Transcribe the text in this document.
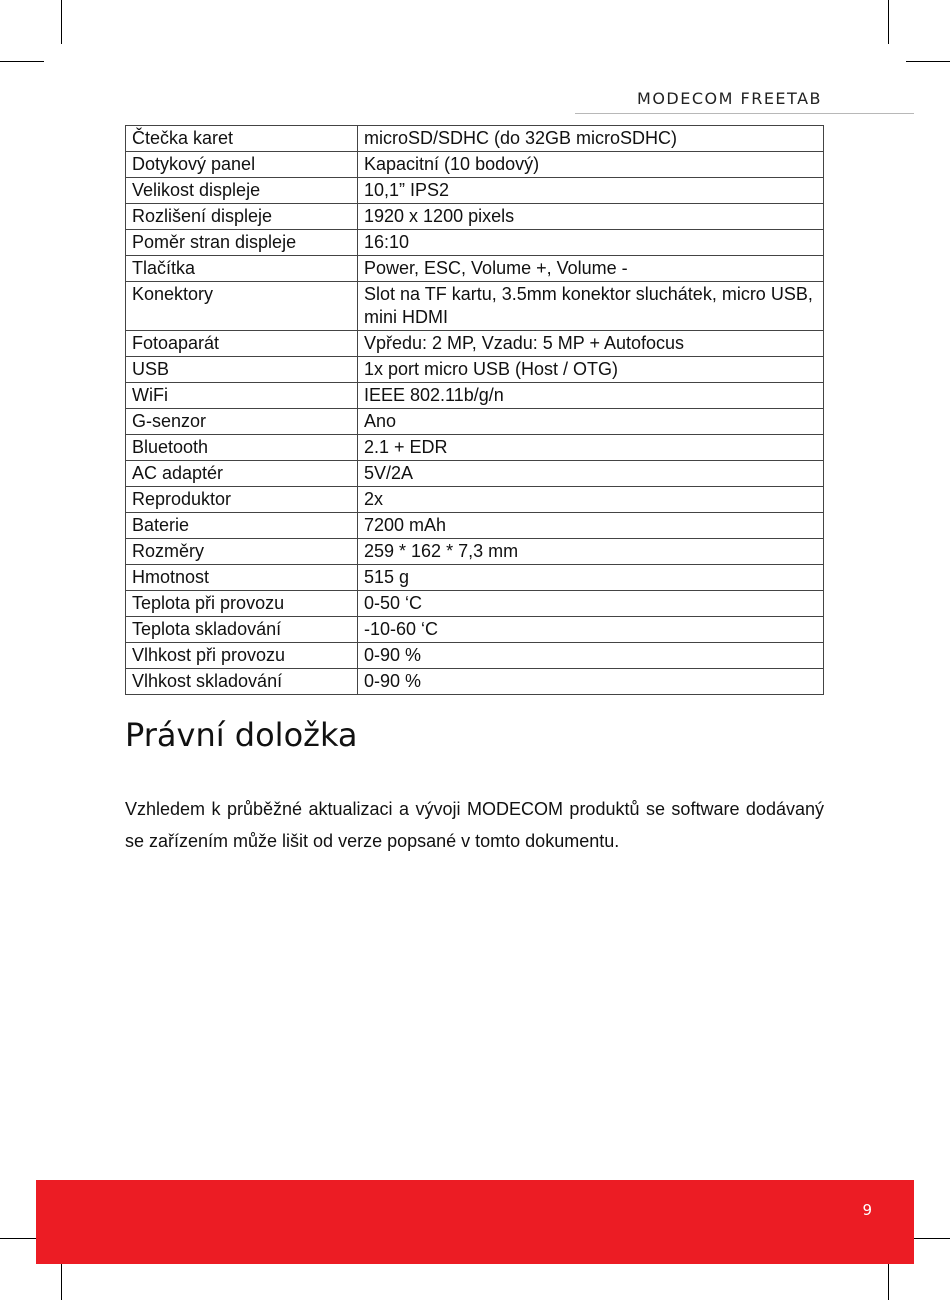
MODECOM FREETAB
Čtečka karet	microSD/SDHC (do 32GB microSDHC)
Dotykový panel	Kapacitní (10 bodový)
Velikost displeje	10,1” IPS2
Rozlišení displeje	1920 x 1200 pixels
Poměr stran displeje	16:10
Tlačítka	Power, ESC, Volume +, Volume -
Konektory	Slot na TF kartu, 3.5mm konektor sluchátek, micro USB, mini HDMI
Fotoaparát	Vpředu: 2 MP, Vzadu: 5 MP + Autofocus
USB	1x port micro USB (Host / OTG)
WiFi	IEEE 802.11b/g/n
G-senzor	Ano
Bluetooth	2.1 + EDR
AC adaptér	5V/2A
Reproduktor	2x
Baterie	7200 mAh
Rozměry	259 * 162 * 7,3 mm
Hmotnost	515 g
Teplota při provozu	0-50 ‘C
Teplota skladování	-10-60 ‘C
Vlhkost při provozu	0-90 %
Vlhkost skladování	0-90 %
Právní doložka

Vzhledem k průběžné aktualizaci a vývoji MODECOM produktů se software dodávaný se zařízením může lišit od verze popsané v tomto dokumentu.

9
